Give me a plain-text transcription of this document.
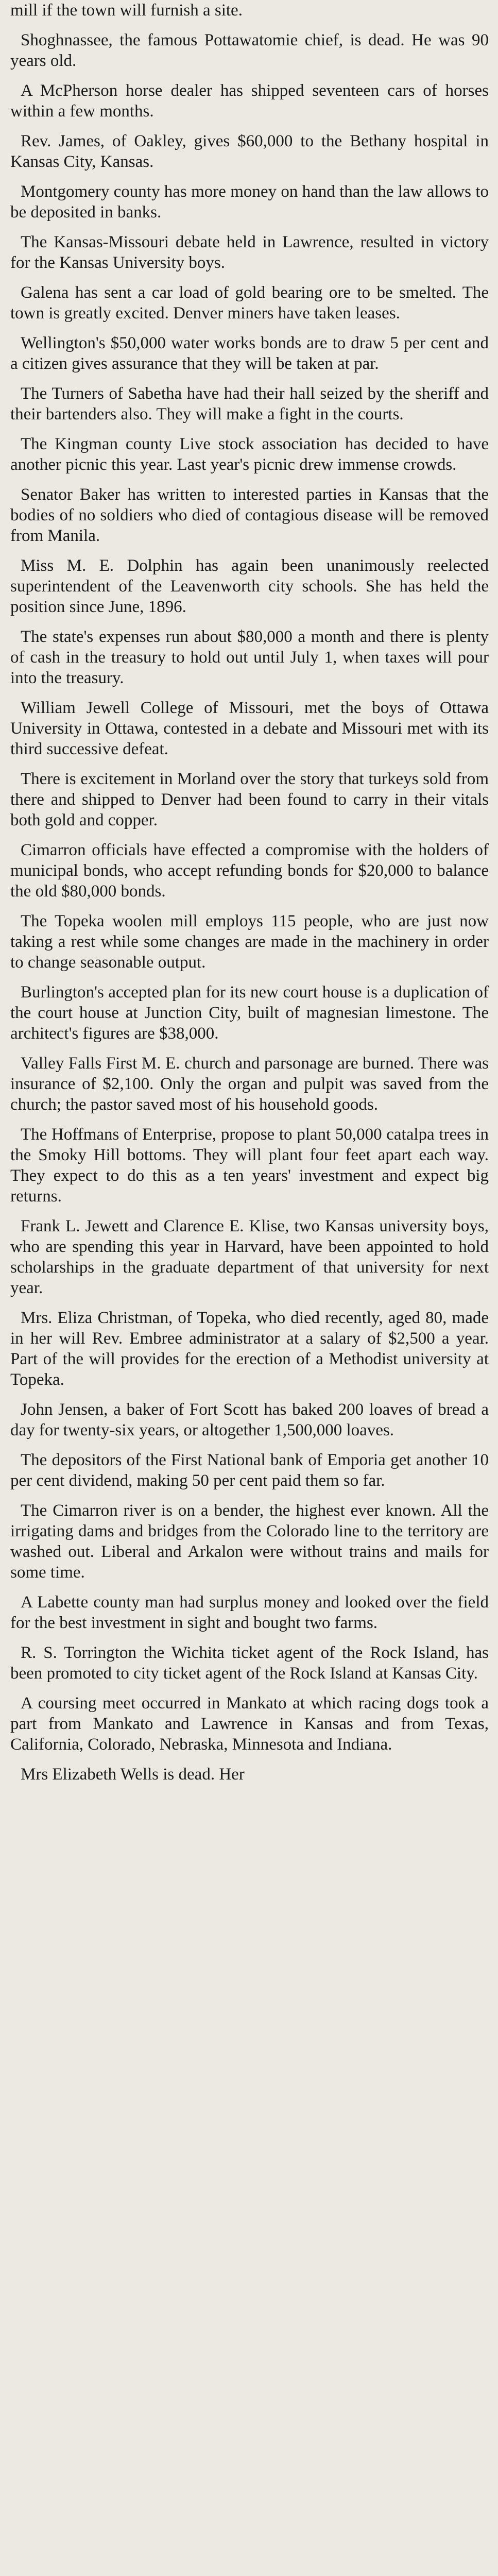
mill if the town will furnish a site.

Shoghnassee, the famous Pottawatomie chief, is dead. He was 90 years old.

A McPherson horse dealer has shipped seventeen cars of horses within a few months.

Rev. James, of Oakley, gives $60,000 to the Bethany hospital in Kansas City, Kansas.

Montgomery county has more money on hand than the law allows to be deposited in banks.

The Kansas-Missouri debate held in Lawrence, resulted in victory for the Kansas University boys.

Galena has sent a car load of gold bearing ore to be smelted. The town is greatly excited. Denver miners have taken leases.

Wellington's $50,000 water works bonds are to draw 5 per cent and a citizen gives assurance that they will be taken at par.

The Turners of Sabetha have had their hall seized by the sheriff and their bartenders also. They will make a fight in the courts.

The Kingman county Live stock association has decided to have another picnic this year. Last year's picnic drew immense crowds.

Senator Baker has written to interested parties in Kansas that the bodies of no soldiers who died of contagious disease will be removed from Manila.

Miss M. E. Dolphin has again been unanimously reelected superintendent of the Leavenworth city schools. She has held the position since June, 1896.

The state's expenses run about $80,000 a month and there is plenty of cash in the treasury to hold out until July 1, when taxes will pour into the treasury.

William Jewell College of Missouri, met the boys of Ottawa University in Ottawa, contested in a debate and Missouri met with its third successive defeat.

There is excitement in Morland over the story that turkeys sold from there and shipped to Denver had been found to carry in their vitals both gold and copper.

Cimarron officials have effected a compromise with the holders of municipal bonds, who accept refunding bonds for $20,000 to balance the old $80,000 bonds.

The Topeka woolen mill employs 115 people, who are just now taking a rest while some changes are made in the machinery in order to change seasonable output.

Burlington's accepted plan for its new court house is a duplication of the court house at Junction City, built of magnesian limestone. The architect's figures are $38,000.

Valley Falls First M. E. church and parsonage are burned. There was insurance of $2,100. Only the organ and pulpit was saved from the church; the pastor saved most of his household goods.

The Hoffmans of Enterprise, propose to plant 50,000 catalpa trees in the Smoky Hill bottoms. They will plant four feet apart each way. They expect to do this as a ten years' investment and expect big returns.

Frank L. Jewett and Clarence E. Klise, two Kansas university boys, who are spending this year in Harvard, have been appointed to hold scholarships in the graduate department of that university for next year.

Mrs. Eliza Christman, of Topeka, who died recently, aged 80, made in her will Rev. Embree administrator at a salary of $2,500 a year. Part of the will provides for the erection of a Methodist university at Topeka.

John Jensen, a baker of Fort Scott has baked 200 loaves of bread a day for twenty-six years, or altogether 1,500,000 loaves.

The depositors of the First National bank of Emporia get another 10 per cent dividend, making 50 per cent paid them so far.

The Cimarron river is on a bender, the highest ever known. All the irrigating dams and bridges from the Colorado line to the territory are washed out. Liberal and Arkalon were without trains and mails for some time.

A Labette county man had surplus money and looked over the field for the best investment in sight and bought two farms.

R. S. Torrington the Wichita ticket agent of the Rock Island, has been promoted to city ticket agent of the Rock Island at Kansas City.

A coursing meet occurred in Mankato at which racing dogs took a part from Mankato and Lawrence in Kansas and from Texas, California, Colorado, Nebraska, Minnesota and Indiana.

Mrs Elizabeth Wells is dead. Her
